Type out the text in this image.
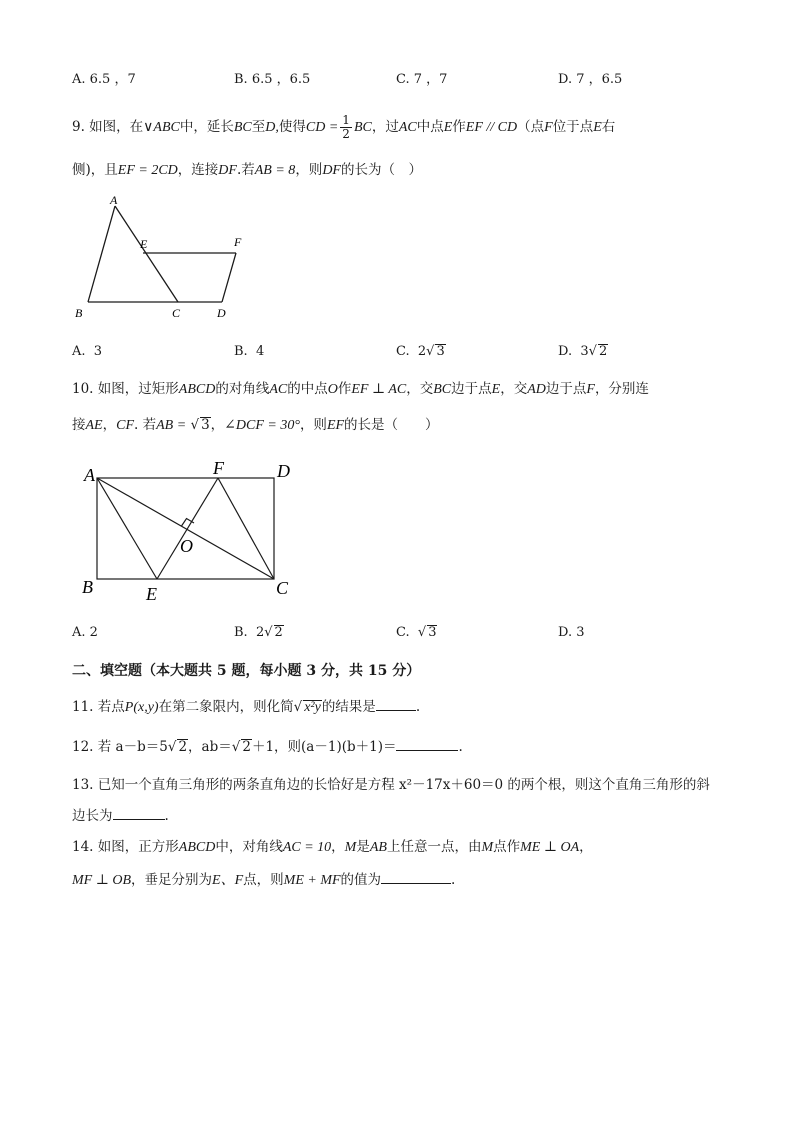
A. 6.5 ，7	B. 6.5 ，6.5	C. 7 ，7	D. 7 ，6.5
9. 如图，在∨ABC中，延长BC至D,使得CD = $\frac{1}{2}$ BC，过AC中点E作EF // CD（点F位于点E右
侧)，且EF = 2CD，连接DF.若AB = 8，则DF的长为（　）
A
E	F
B	C	D
A. 3	B. 4	C. 2√ 3	D. 3√ 2
10. 如图，过矩形ABCD的对角线AC的中点O作EF ⊥ AC，交BC边于点E，交AD边于点F，分别连
接AE，CF. 若AB = √ 3，∠DCF = 30°，则EF的长是（　　）
A	F	D
O
B	E	C
A. 2	B. 2√ 2	C.  √ 3	D. 3
二、填空题（本大题共 5 题，每小题 3 分，共 15 分）
11. 若点P(x,y)在第二象限内，则化简√ x²y的结果是	.
12. 若 a－b＝5√ 2，ab＝√ 2＋1，则(a－1)(b＋1)＝	.
13. 已知一个直角三角形的两条直角边的长恰好是方程 x²－17x＋60＝0 的两个根，则这个直角三角形的斜
边长为	.
14. 如图，正方形ABCD中，对角线AC = 10，M是AB上任意一点，由M点作ME ⊥ OA，
MF ⊥ OB，垂足分别为E、F点，则ME + MF的值为	.
